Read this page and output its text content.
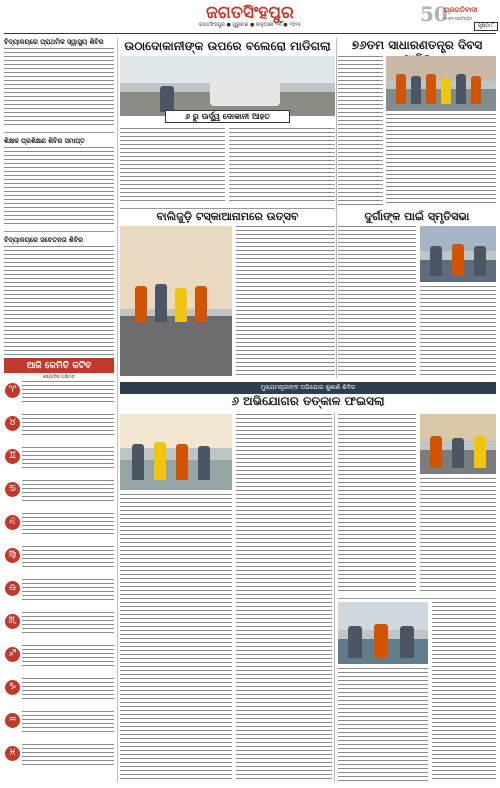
ଜଗତସିଂହପୁର
ଜଗତସିଂହପୁର ● ଗୁରୁବାର ● ଜାନୁଆରୀ ୨୩ ● ୨୦୨୫	50
ପ୍ରଗତିବାଦୀ
୧୯୭୩ ପ୍ରତିଷ୍ଠିତ
ପୃଷ୍ଠା ୮
ବିଦ୍ୟାଳୟରେ ପ୍ରାଥମିକ ସ୍ୱାସ୍ଥ୍ୟ ଶିବିର
ଶିକ୍ଷକ ପ୍ରଶିକ୍ଷଣ ଶିବିର ସମାପ୍ତ
ବିଦ୍ୟାଳୟରେ ସଚେତନତା ଶିବିର
ଉଠାଦୋକାନୀଙ୍କ ଉପରେ ବଲେରୋ ମାଡିଗଲା
୬ ରୁ ଊର୍ଦ୍ଧ୍ୱ ଦୋକାନୀ ଆହତ
୭୬ତମ ସାଧାରଣତନ୍ତ୍ର ଦିବସ
ବାଲିଜୁଡ଼ି ଟସ୍କାଆନାମରେ ଉତ୍ସବ	ଦୁର୍ଗାଙ୍କ ପାଇଁ ସ୍ମୃତିସଭା
ମୁଖ୍ୟମନ୍ତ୍ରୀଙ୍କ ଅଭିଯୋଗ ଶୁଣାଣି ଶିବିର
୬ ଅଭିଯୋଗର ତତ୍କାଳ ଫଇସଲା
ଆଜି କେମିତି କଟିବ
ଜ୍ୟୋତିଷ ଅଭିମତ
♈
♉
♊
♋
♌
♍
♎
♏
♐
♑
♒
♓
